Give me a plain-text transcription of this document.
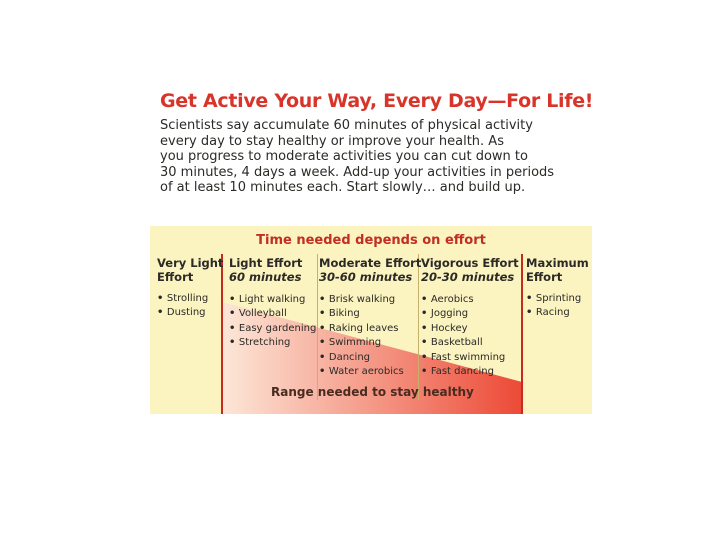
Get Active Your Way, Every Day—For Life!
Scientists say accumulate 60 minutes of physical activity
every day to stay healthy or improve your health. As
you progress to moderate activities you can cut down to
30 minutes, 4 days a week. Add-up your activities in periods
of at least 10 minutes each. Start slowly… and build up.
Time needed depends on effort
Very Light
Effort
• Strolling
• Dusting
Light Effort
60 minutes
• Light walking
• Volleyball
• Easy gardening
• Stretching
Moderate Effort
30-60 minutes
• Brisk walking
• Biking
• Raking leaves
• Swimming
• Dancing
• Water aerobics
Vigorous Effort
20-30 minutes
• Aerobics
• Jogging
• Hockey
• Basketball
• Fast swimming
• Fast dancing
Maximum
Effort
• Sprinting
• Racing
Range needed to stay healthy
